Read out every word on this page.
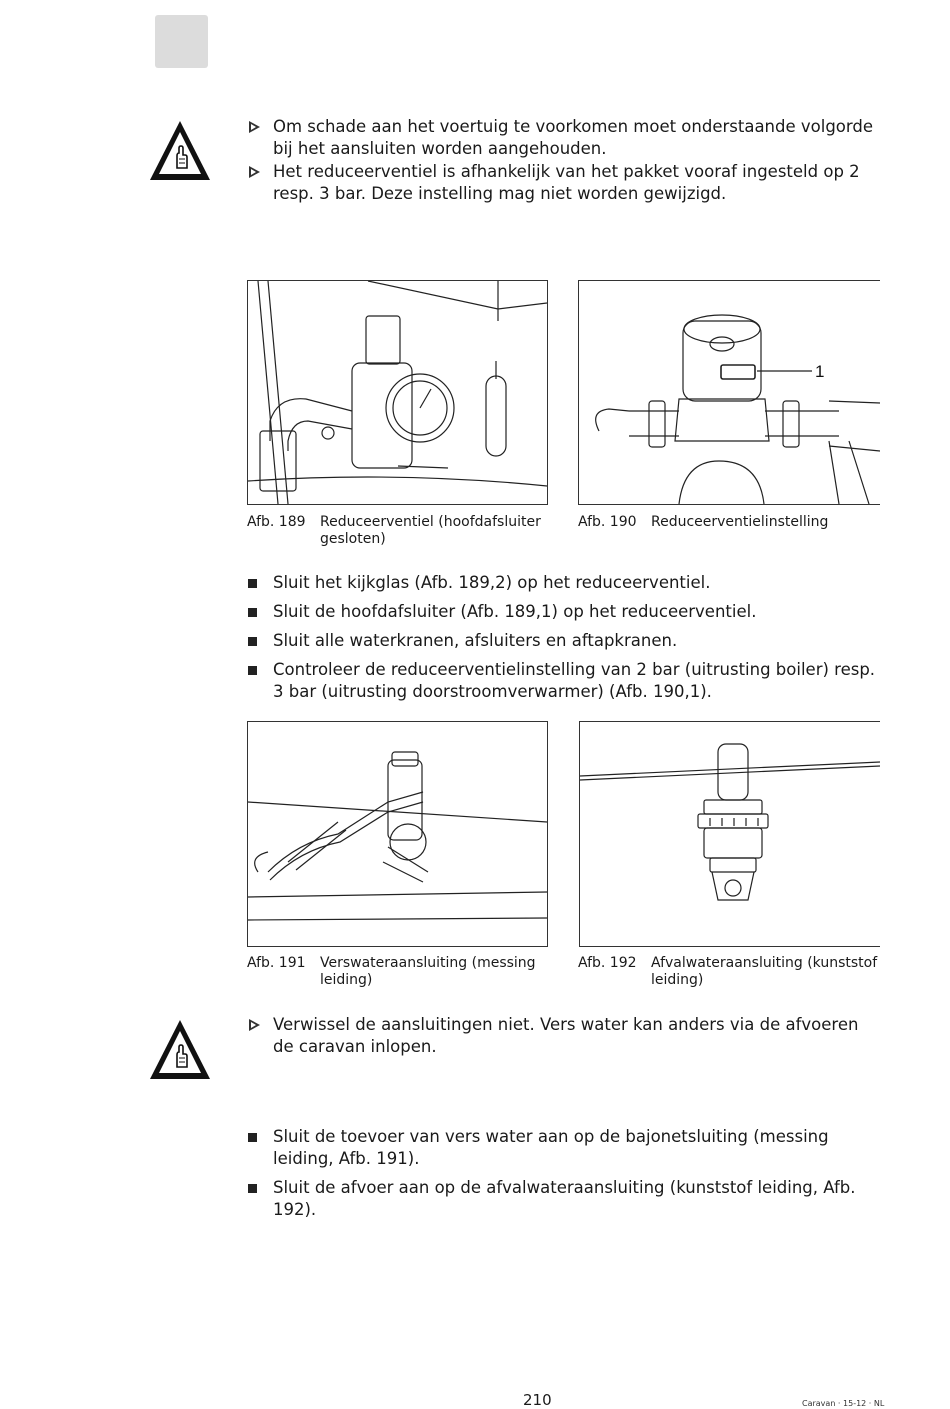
Om schade aan het voertuig te voorkomen moet onderstaande volgorde bij het aansluiten worden aangehouden.
Het reduceerventiel is afhankelijk van het pakket vooraf ingesteld op 2 resp. 3 bar. Deze instelling mag niet worden gewijzigd.
Afb. 189 Reduceerventiel (hoofdafsluiter gesloten)
1
Afb. 190 Reduceerventielinstelling
Sluit het kijkglas (Afb. 189,2) op het reduceerventiel.
Sluit de hoofdafsluiter (Afb. 189,1) op het reduceerventiel.
Sluit alle waterkranen, afsluiters en aftapkranen.
Controleer de reduceerventielinstelling van 2 bar (uitrusting boiler) resp. 3 bar (uitrusting doorstroomverwarmer) (Afb. 190,1).
Afb. 191 Verswateraansluiting (messing leiding)
Afb. 192 Afvalwateraansluiting (kunststof leiding)
Verwissel de aansluitingen niet. Vers water kan anders via de afvoeren de caravan inlopen.
Sluit de toevoer van vers water aan op de bajonetsluiting (messing leiding, Afb. 191).
Sluit de afvoer aan op de afvalwateraansluiting (kunststof leiding, Afb. 192).
210	Caravan · 15-12 · NL
